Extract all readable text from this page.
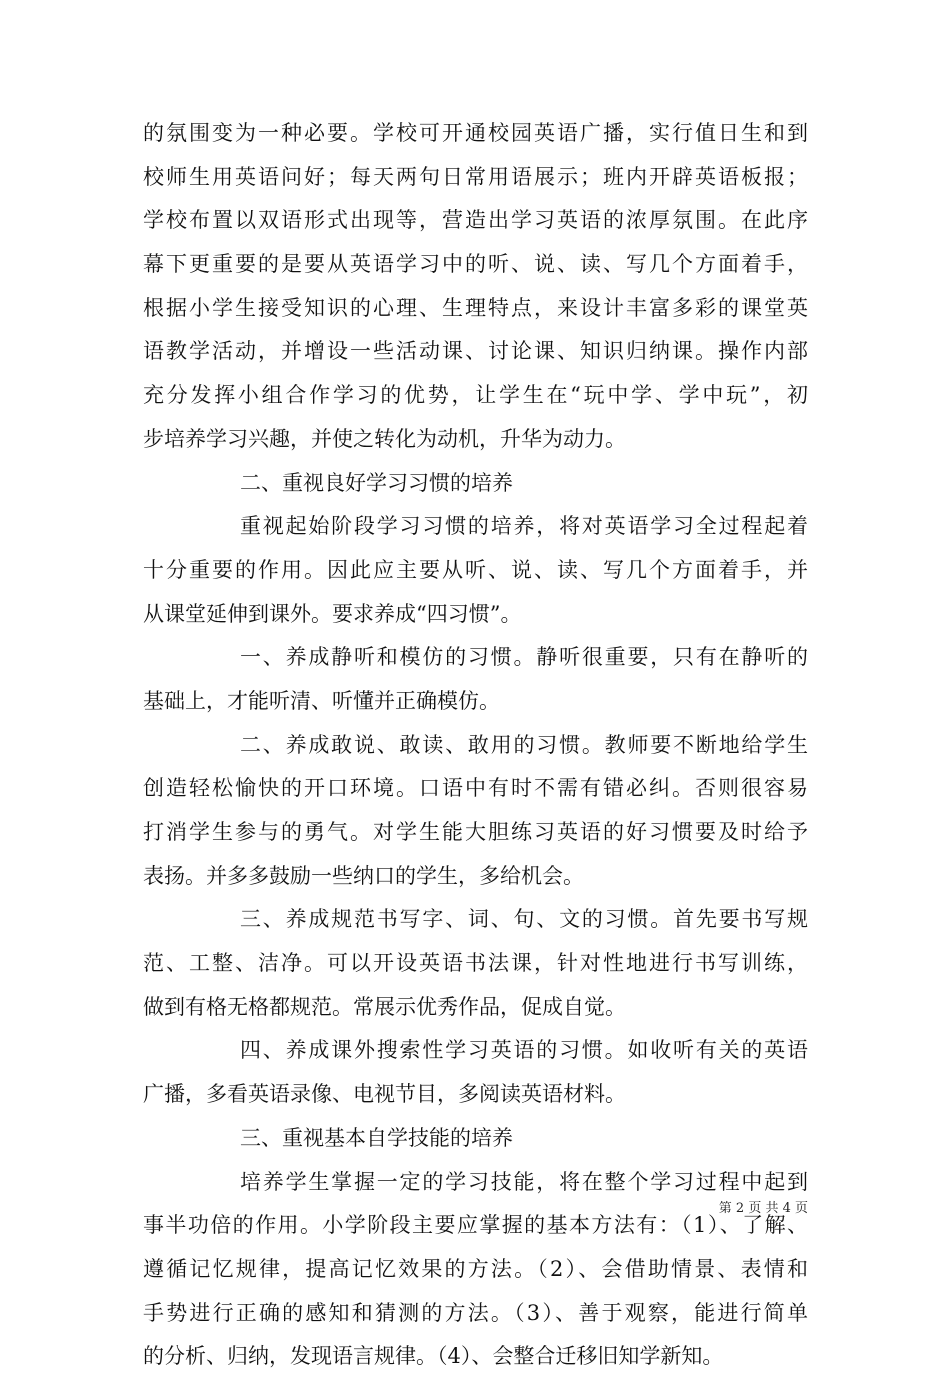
的氛围变为一种必要。学校可开通校园英语广播，实行值日生和到
校师生用英语问好；每天两句日常用语展示；班内开辟英语板报；
学校布置以双语形式出现等，营造出学习英语的浓厚氛围。在此序
幕下更重要的是要从英语学习中的听、说、读、写几个方面着手，
根据小学生接受知识的心理、生理特点，来设计丰富多彩的课堂英
语教学活动，并增设一些活动课、讨论课、知识归纳课。操作内部
充分发挥小组合作学习的优势，让学生在“玩中学、学中玩”，初
步培养学习兴趣，并使之转化为动机，升华为动力。
二、重视良好学习习惯的培养
重视起始阶段学习习惯的培养，将对英语学习全过程起着
十分重要的作用。因此应主要从听、说、读、写几个方面着手，并
从课堂延伸到课外。要求养成“四习惯”。
一、养成静听和模仿的习惯。静听很重要，只有在静听的
基础上，才能听清、听懂并正确模仿。
二、养成敢说、敢读、敢用的习惯。教师要不断地给学生
创造轻松愉快的开口环境。口语中有时不需有错必纠。否则很容易
打消学生参与的勇气。对学生能大胆练习英语的好习惯要及时给予
表扬。并多多鼓励一些纳口的学生，多给机会。
三、养成规范书写字、词、句、文的习惯。首先要书写规
范、工整、洁净。可以开设英语书法课，针对性地进行书写训练，
做到有格无格都规范。常展示优秀作品，促成自觉。
四、养成课外搜索性学习英语的习惯。如收听有关的英语
广播，多看英语录像、电视节目，多阅读英语材料。
三、重视基本自学技能的培养
培养学生掌握一定的学习技能，将在整个学习过程中起到
事半功倍的作用。小学阶段主要应掌握的基本方法有：（1）、了解、
遵循记忆规律，提高记忆效果的方法。（2）、会借助情景、表情和
手势进行正确的感知和猜测的方法。（3）、善于观察，能进行简单
的分析、归纳，发现语言规律。（4）、会整合迁移旧知学新知。
第 2 页 共 4 页
